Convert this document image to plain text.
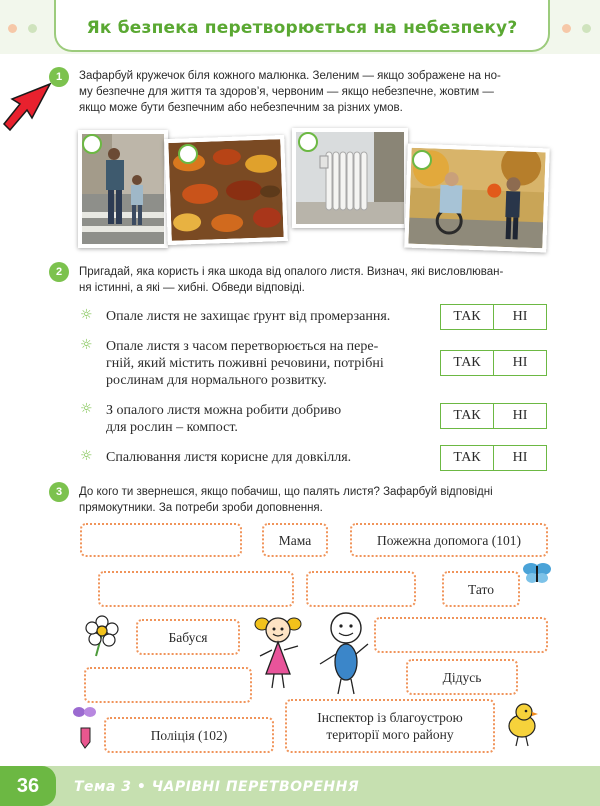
Як безпека перетворюється на небезпеку?
1	Зафарбуй кружечок біля кожного малюнка. Зеленим — якщо зображене на но-
му безпечне для життя та здоров’я, червоним — якщо небезпечне, жовтим —
якщо може бути безпечним або небезпечним за різних умов.
2	Пригадай, яка користь і яка шкода від опалого листя. Визнач, які висловлюван-
ня істинні, а які — хибні. Обведи відповіді.
☼ Опале листя не захищає ґрунт від промерзання.	ТАК	НІ
☼ Опале листя з часом перетворюється на пере-
гній, який містить поживні речовини, потрібні
рослинам для нормального розвитку.
ТАК	НІ
☼ З опалого листя можна робити добриво
для рослин – компост.
ТАК	НІ
☼ Спалювання листя корисне для довкілля.	ТАК	НІ
3	До кого ти звернешся, якщо побачиш, що палять листя? Зафарбуй відповідні
прямокутники. За потреби зроби доповнення.
Мама	Пожежна допомога (101)
Тато
Бабуся
Дідусь
Поліція (102)
Інспектор із благоустрою
території мого району
36	Тема 3 • ЧАРІВНІ ПЕРЕТВОРЕННЯ
